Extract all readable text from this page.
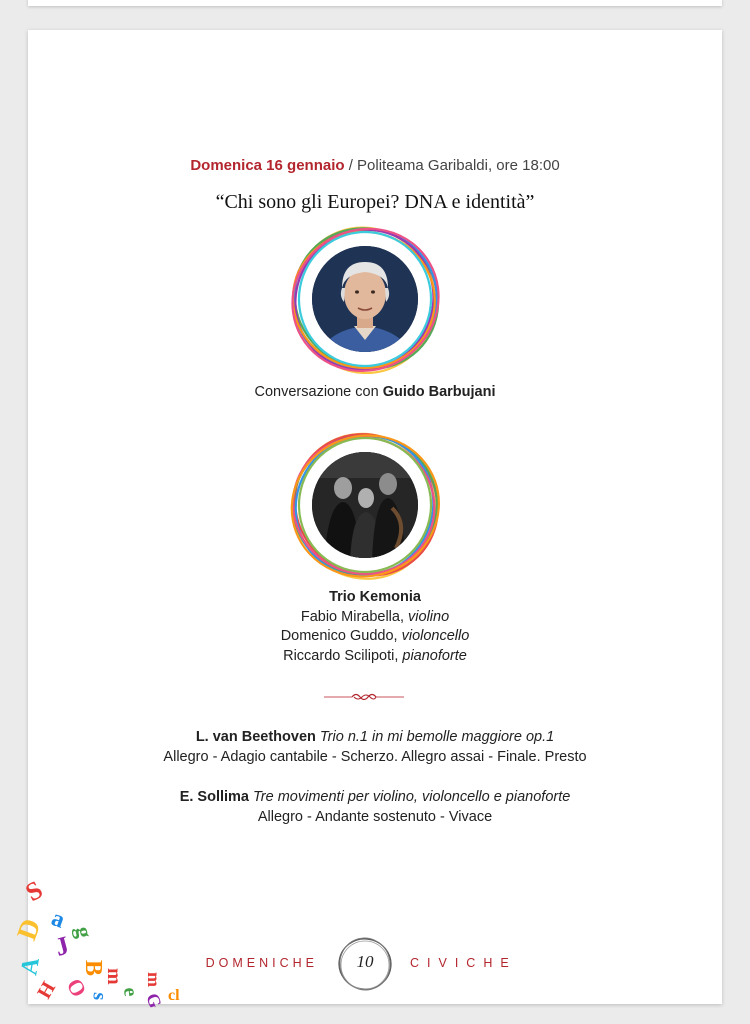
Domenica 16 gennaio / Politeama Garibaldi, ore 18:00
“Chi sono gli Europei? DNA e identità”
Conversazione con Guido Barbujani
Trio Kemonia
Fabio Mirabella, violino
Domenico Guddo, violoncello
Riccardo Scilipoti, pianoforte
L. van Beethoven Trio n.1 in mi bemolle maggiore op.1
Allegro - Adagio cantabile - Scherzo. Allegro assai - Finale. Presto
E. Sollima Tre movimenti per violino, violoncello e pianoforte
Allegro - Andante sostenuto - Vivace
S
a g
D
J
B
m
A
O
s e G cl
H	m
DOMENICHE	10	CIVICHE
